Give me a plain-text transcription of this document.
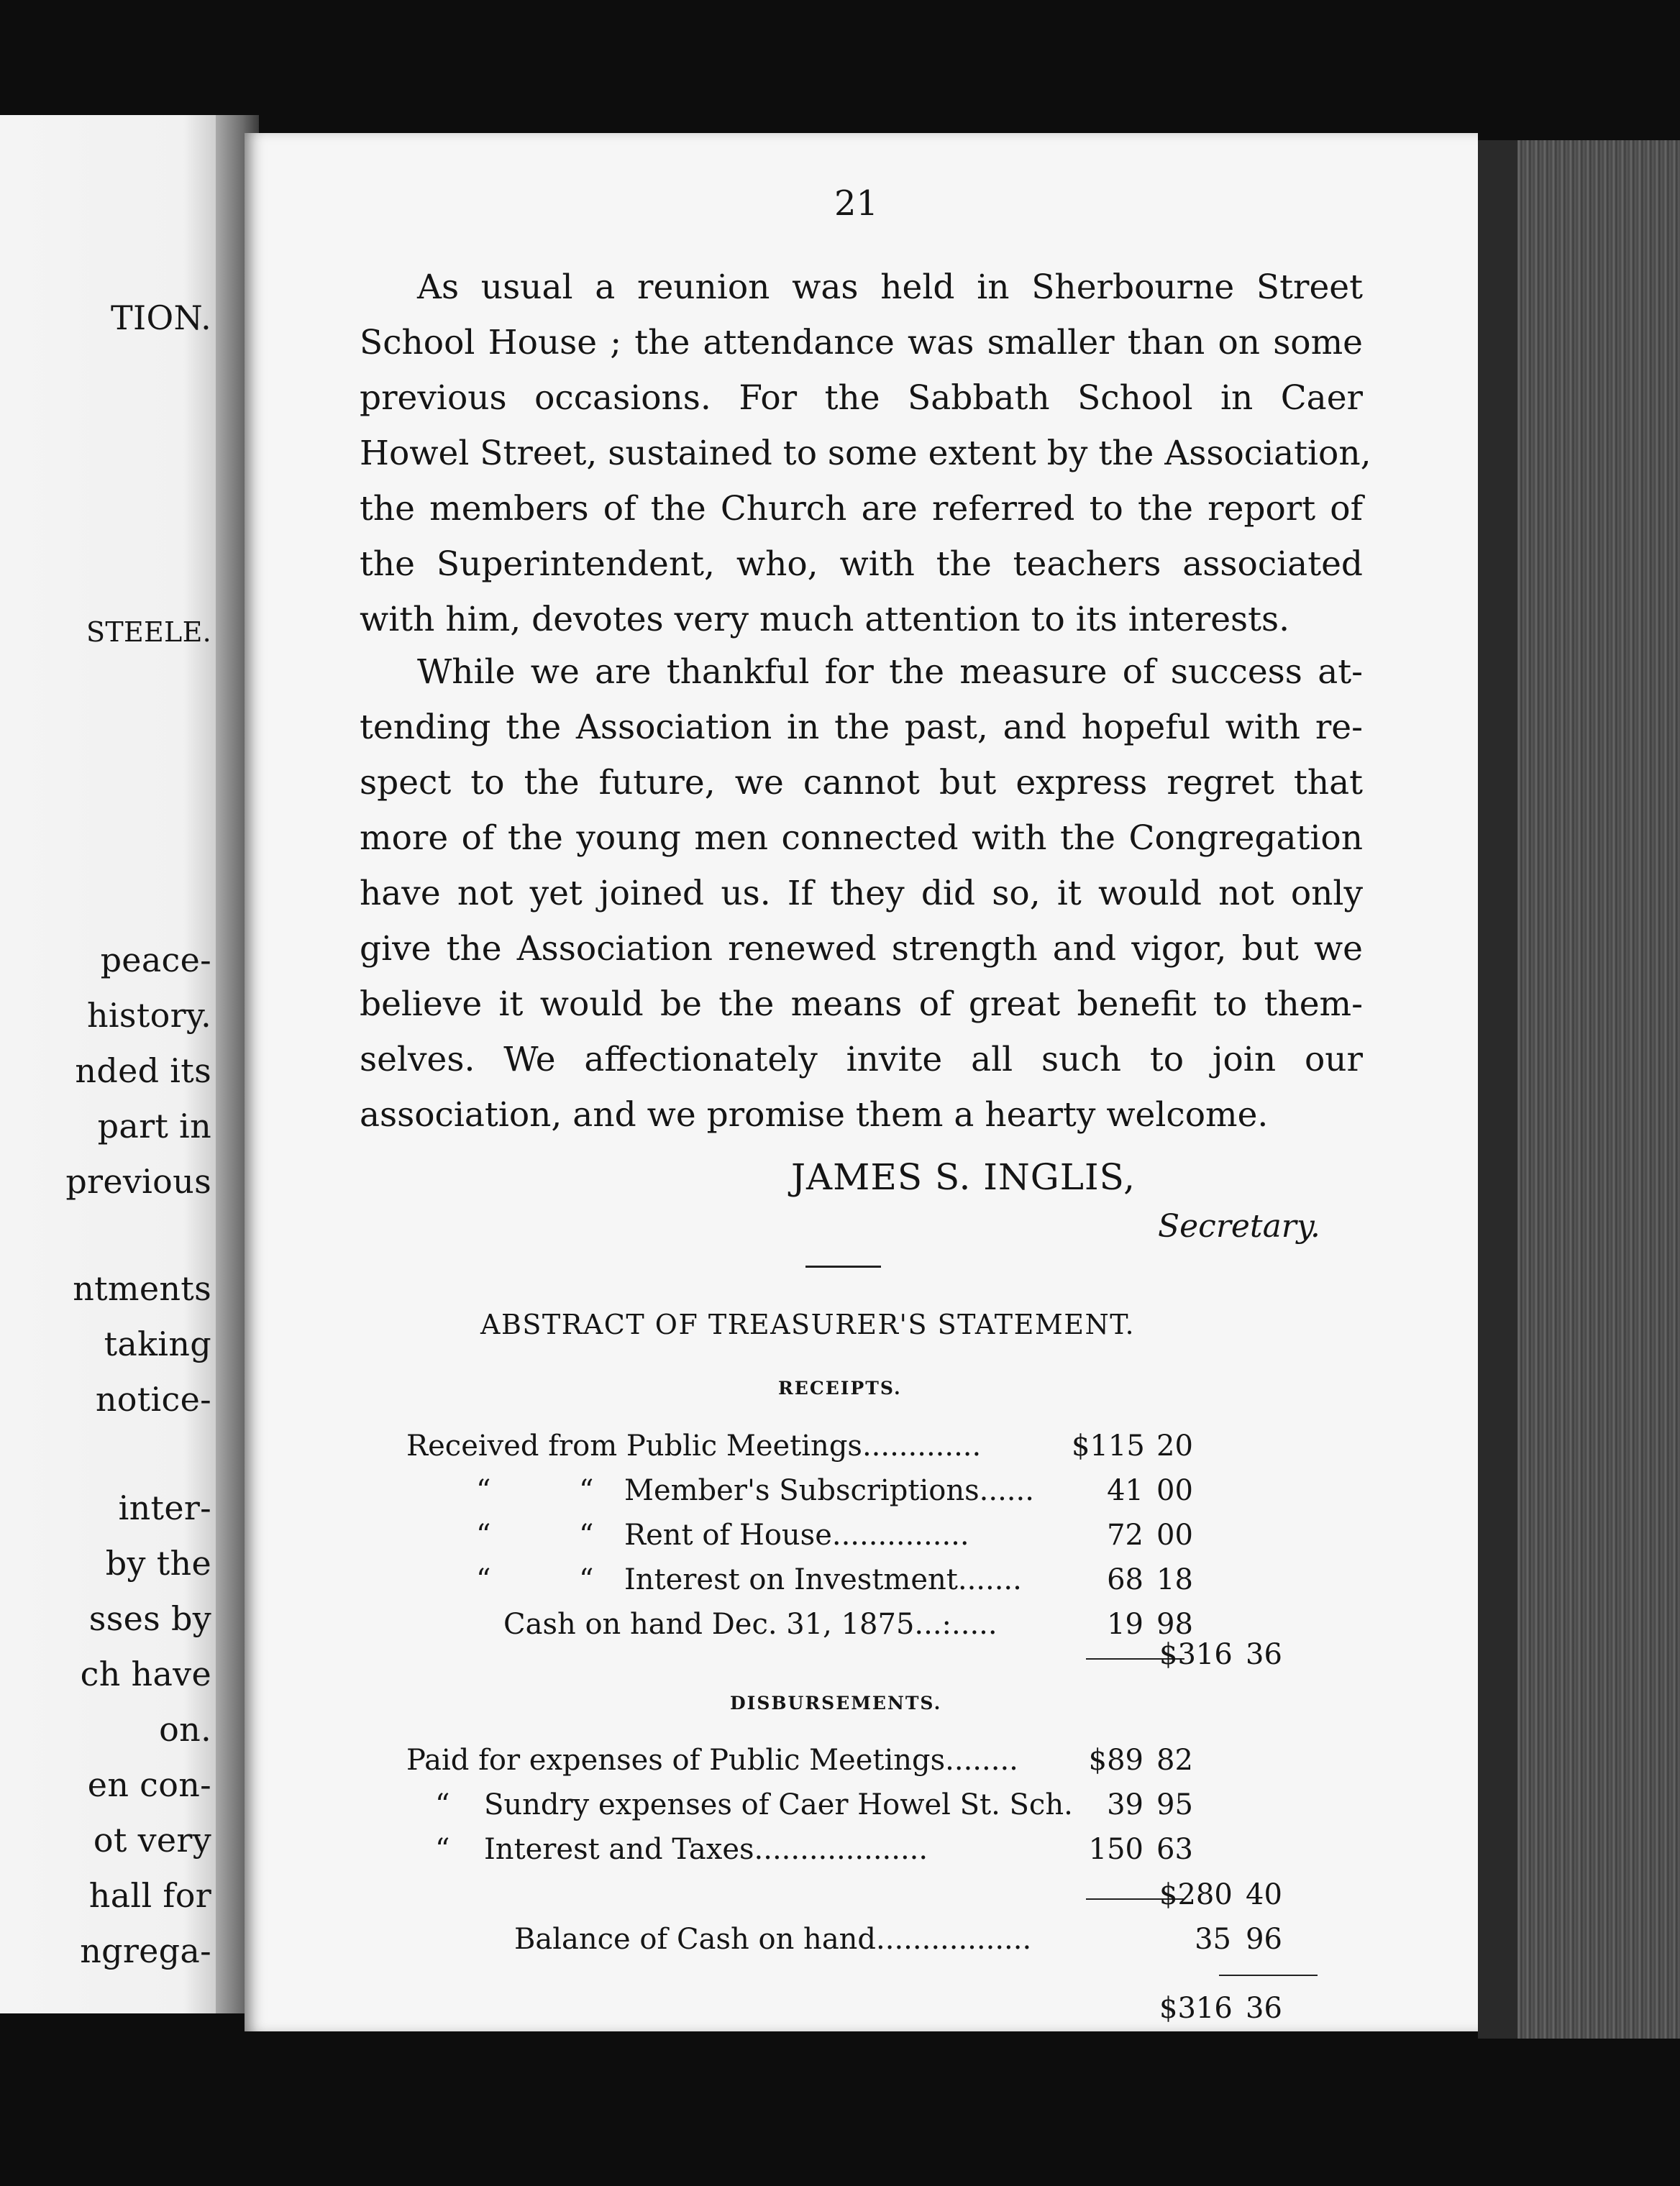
TION.
STEELE.
peace-
history.
nded its
part in
previous
ntments
taking
notice-
inter-
by the
sses by
ch have
on.
en con-
ot very
hall for
ngrega-
21
As usual a reunion was held in Sherbourne Street
School House ; the attendance was smaller than on some
previous occasions. For the Sabbath School in Caer
Howel Street, sustained to some extent by the Association,
the members of the Church are referred to the report of
the Superintendent, who, with the teachers associated
with him, devotes very much attention to its interests.
While we are thankful for the measure of success at-
tending the Association in the past, and hopeful with re-
spect to the future, we cannot but express regret that
more of the young men connected with the Congregation
have not yet joined us. If they did so, it would not only
give the Association renewed strength and vigor, but we
believe it would be the means of great benefit to them-
selves. We affectionately invite all such to join our
association, and we promise them a hearty welcome.
JAMES S. INGLIS,
Secretary.
ABSTRACT OF TREASURER'S STATEMENT.
RECEIPTS.
Received from Public Meetings.............	$115 20
“	“ Member's Subscriptions......	41 00
“	“ Rent of House...............	72 00
“	“ Interest on Investment.......	68 18
Cash on hand Dec. 31, 1875...:.....	19 98
$316 36
DISBURSEMENTS.
Paid for expenses of Public Meetings........	$89 82
“ Sundry expenses of Caer Howel St. Sch.	39 95
“ Interest and Taxes...................	150 63
$280 40
Balance of Cash on hand.................	35 96
$316 36
